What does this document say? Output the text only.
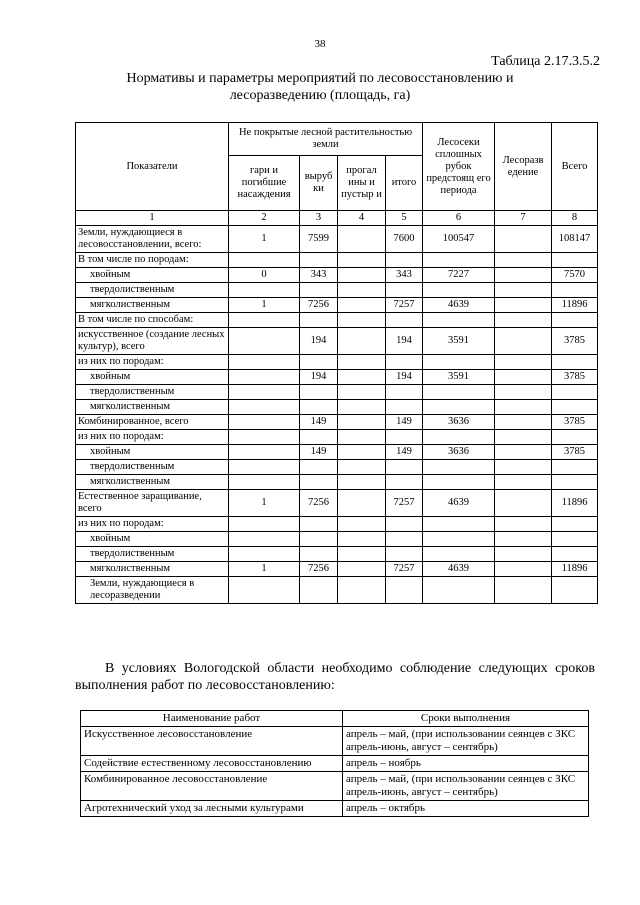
38
Таблица 2.17.3.5.2
Нормативы и параметры мероприятий по лесовосстановлению и
лесоразведению (площадь, га)
Показатели	Не покрытые лесной растительностью земли				Лесосеки сплошных рубок предстоящ его периода	Лесоразв едение	Всего
	гари и погибшие насаждения	выруб ки	прогал ины и пустыр и	итого			
1	2	3	4	5	6	7	8
Земли, нуждающиеся в лесовосстановлении, всего:	1	7599		7600	100547		108147
В том числе по породам:							
хвойным	0	343		343	7227		7570
твердолиственным							
мягколиственным	1	7256		7257	4639		11896
В том числе по способам:							
искусственное (создание лесных культур), всего		194		194	3591		3785
из них по породам:							
хвойным		194		194	3591		3785
твердолиственным							
мягколиственным							
Комбинированное, всего		149		149	3636		3785
из них по породам:							
хвойным		149		149	3636		3785
твердолиственным							
мягколиственным							
Естественное заращивание, всего	1	7256		7257	4639		11896
из них по породам:							
хвойным							
твердолиственным							
мягколиственным	1	7256		7257	4639		11896
Земли, нуждающиеся в лесоразведении							
В условиях Вологодской области необходимо соблюдение следующих сроков выполнения работ по лесовосстановлению:
Наименование работ	Сроки выполнения
Искусственное лесовосстановление	апрель – май, (при использовании сеянцев с ЗКС апрель-июнь, август – сентябрь)
Содействие естественному лесовосстановлению	апрель – ноябрь
Комбинированное лесовосстановление	апрель – май, (при использовании сеянцев с ЗКС апрель-июнь, август – сентябрь)
Агротехнический уход за лесными культурами	апрель – октябрь
